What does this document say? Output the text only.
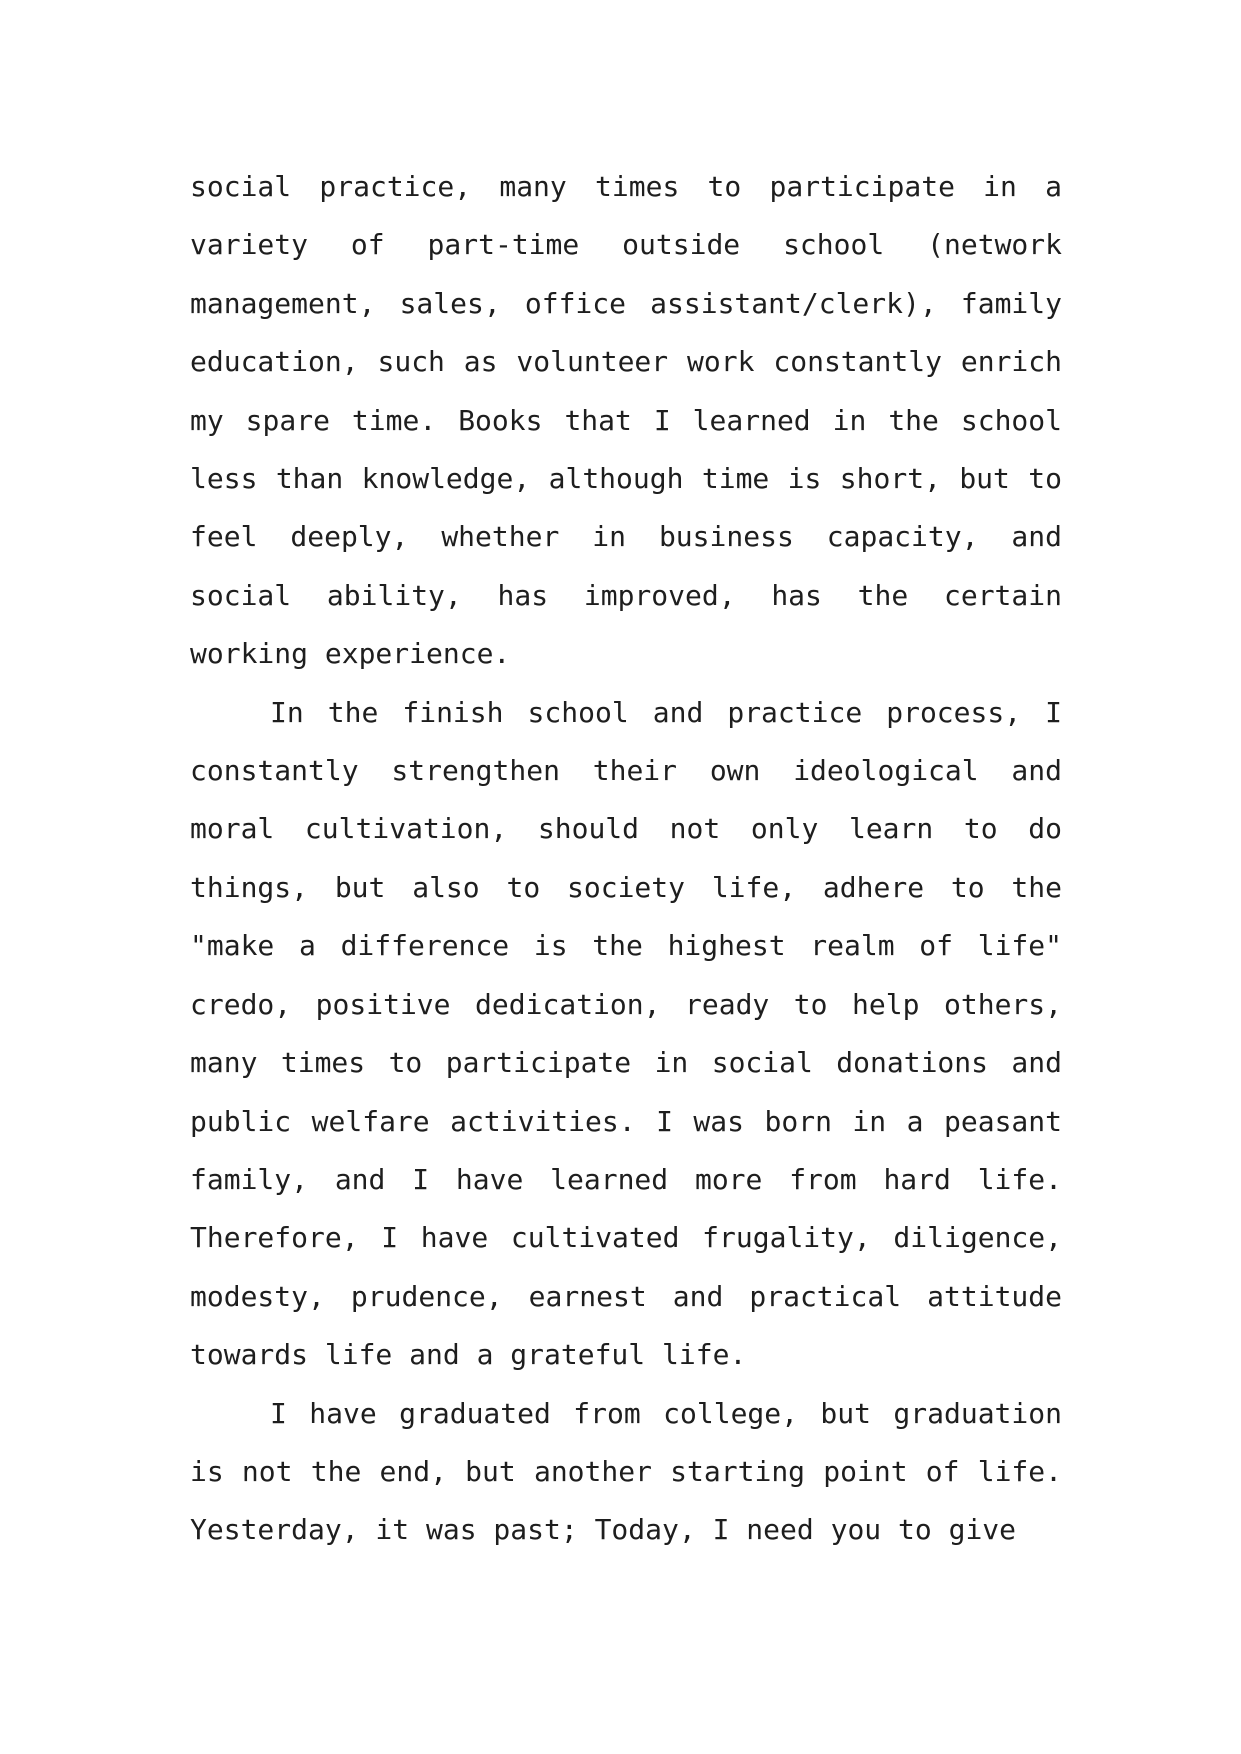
social practice, many times to participate in a variety of part-time outside school (network management, sales, office assistant/clerk), family education, such as volunteer work constantly enrich my spare time. Books that I learned in the school less than knowledge, although time is short, but to feel deeply, whether in business capacity, and social ability, has improved, has the certain working experience.

In the finish school and practice process, I constantly strengthen their own ideological and moral cultivation, should not only learn to do things, but also to society life, adhere to the "make a difference is the highest realm of life" credo, positive dedication, ready to help others, many times to participate in social donations and public welfare activities. I was born in a peasant family, and I have learned more from hard life. Therefore, I have cultivated frugality, diligence, modesty, prudence, earnest and practical attitude towards life and a grateful life.

I have graduated from college, but graduation is not the end, but another starting point of life. Yesterday, it was past; Today, I need you to give
